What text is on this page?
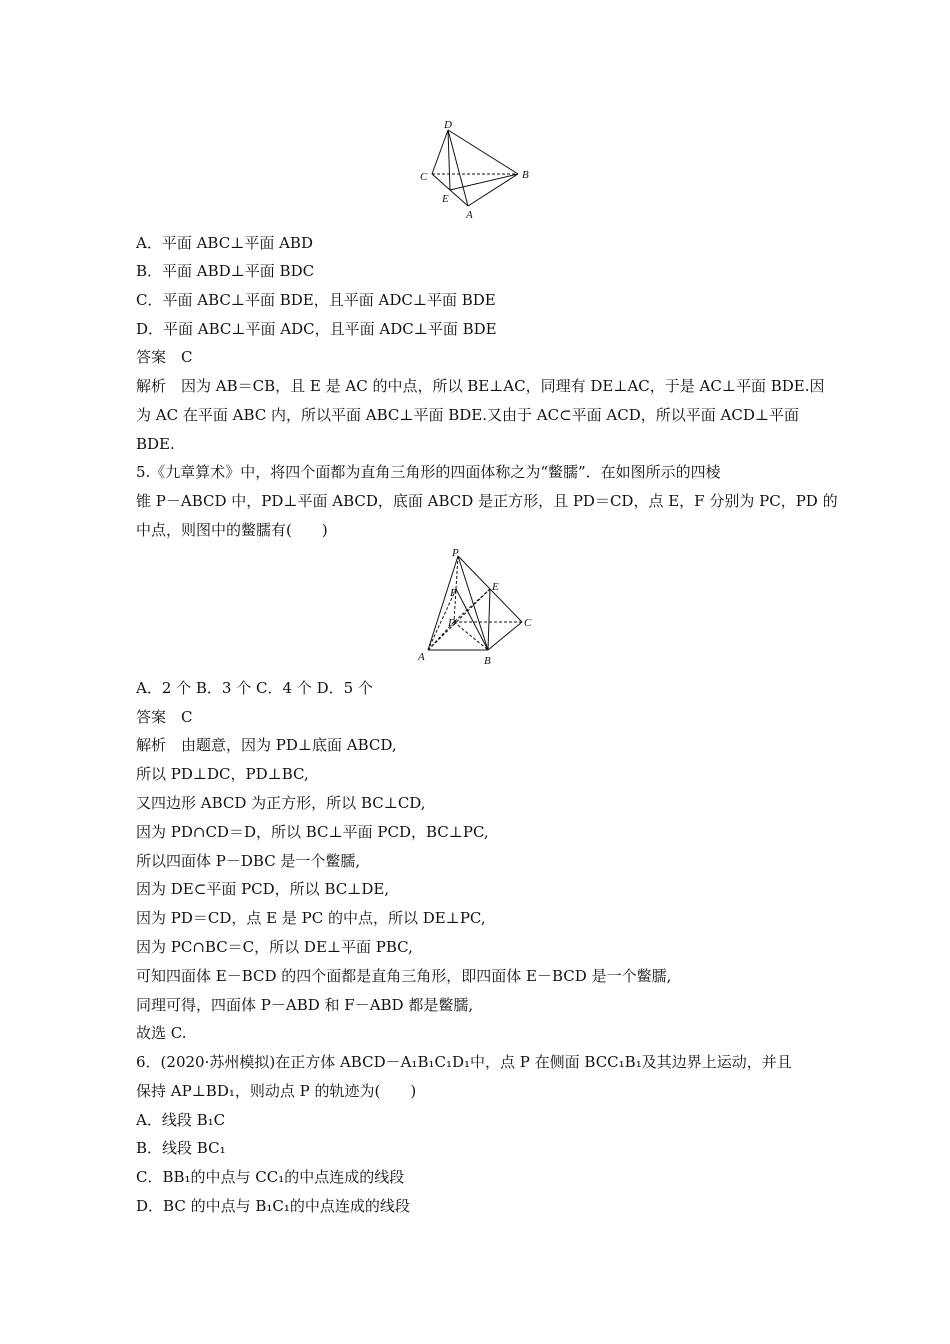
D
C	B
E
A
A．平面 ABC⊥平面 ABD
B．平面 ABD⊥平面 BDC
C．平面 ABC⊥平面 BDE，且平面 ADC⊥平面 BDE
D．平面 ABC⊥平面 ADC，且平面 ADC⊥平面 BDE
答案　C
解析　因为 AB＝CB，且 E 是 AC 的中点，所以 BE⊥AC，同理有 DE⊥AC，于是 AC⊥平面 BDE.因
为 AC 在平面 ABC 内，所以平面 ABC⊥平面 BDE.又由于 AC⊂平面 ACD，所以平面 ACD⊥平面
BDE.
5.《九章算术》中，将四个面都为直角三角形的四面体称之为“鳖臑”．在如图所示的四棱
锥 P－ABCD 中，PD⊥平面 ABCD，底面 ABCD 是正方形，且 PD＝CD，点 E，F 分别为 PC，PD 的
中点，则图中的鳖臑有(　　)
P
E
F
D	C
A	B
A．2 个 B．3 个 C．4 个 D．5 个
答案　C
解析　由题意，因为 PD⊥底面 ABCD,
所以 PD⊥DC，PD⊥BC,
又四边形 ABCD 为正方形，所以 BC⊥CD,
因为 PD∩CD＝D，所以 BC⊥平面 PCD，BC⊥PC,
所以四面体 P－DBC 是一个鳖臑,
因为 DE⊂平面 PCD，所以 BC⊥DE,
因为 PD＝CD，点 E 是 PC 的中点，所以 DE⊥PC,
因为 PC∩BC＝C，所以 DE⊥平面 PBC,
可知四面体 E－BCD 的四个面都是直角三角形，即四面体 E－BCD 是一个鳖臑,
同理可得，四面体 P－ABD 和 F－ABD 都是鳖臑,
故选 C.
6．(2020·苏州模拟)在正方体 ABCD－A₁B₁C₁D₁中，点 P 在侧面 BCC₁B₁及其边界上运动，并且
保持 AP⊥BD₁，则动点 P 的轨迹为(　　)
A．线段 B₁C
B．线段 BC₁
C．BB₁的中点与 CC₁的中点连成的线段
D．BC 的中点与 B₁C₁的中点连成的线段
